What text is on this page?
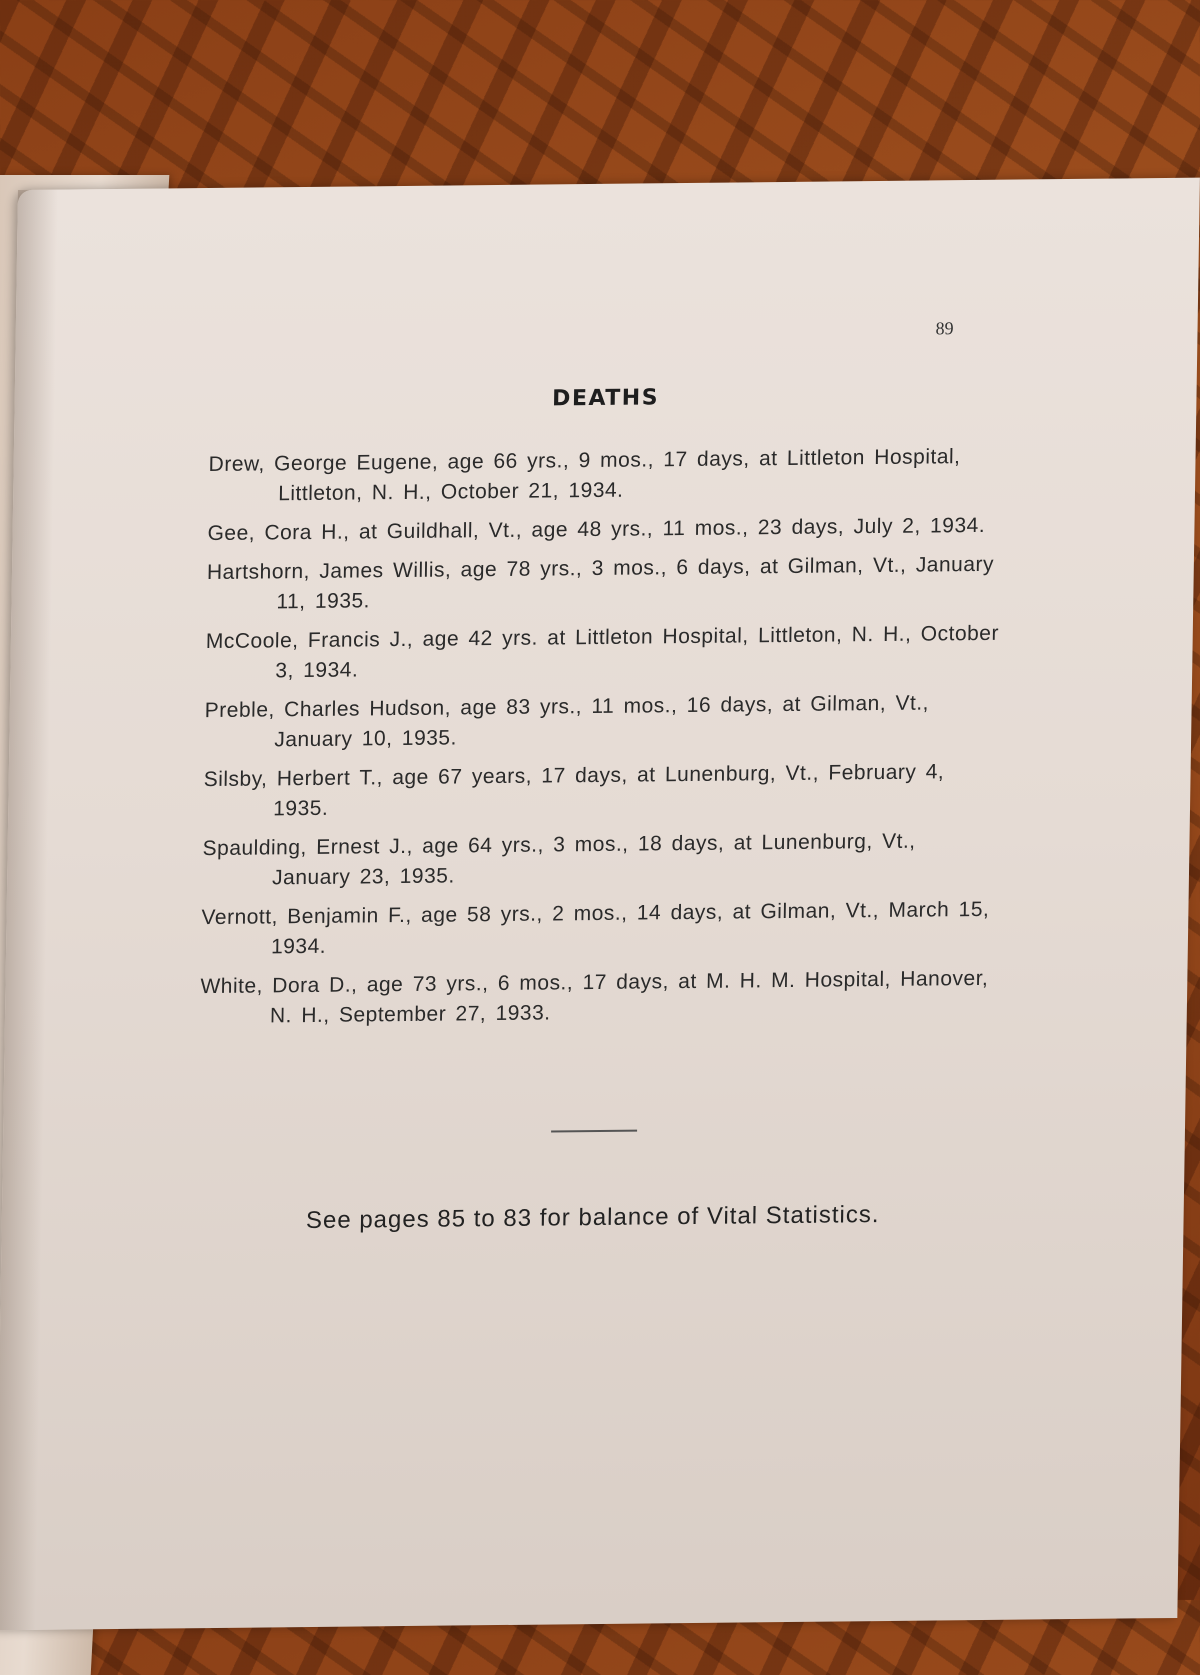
89
DEATHS

Drew, George Eugene, age 66 yrs., 9 mos., 17 days, at Littleton Hospital, Littleton, N. H., October 21, 1934.

Gee, Cora H., at Guildhall, Vt., age 48 yrs., 11 mos., 23 days, July 2, 1934.

Hartshorn, James Willis, age 78 yrs., 3 mos., 6 days, at Gilman, Vt., January 11, 1935.

McCoole, Francis J., age 42 yrs. at Littleton Hospital, Littleton, N. H., October 3, 1934.

Preble, Charles Hudson, age 83 yrs., 11 mos., 16 days, at Gilman, Vt., January 10, 1935.

Silsby, Herbert T., age 67 years, 17 days, at Lunenburg, Vt., February 4, 1935.

Spaulding, Ernest J., age 64 yrs., 3 mos., 18 days, at Lunenburg, Vt., January 23, 1935.

Vernott, Benjamin F., age 58 yrs., 2 mos., 14 days, at Gilman, Vt., March 15, 1934.

White, Dora D., age 73 yrs., 6 mos., 17 days, at M. H. M. Hospital, Hanover, N. H., September 27, 1933.

See pages 85 to 83 for balance of Vital Statistics.
